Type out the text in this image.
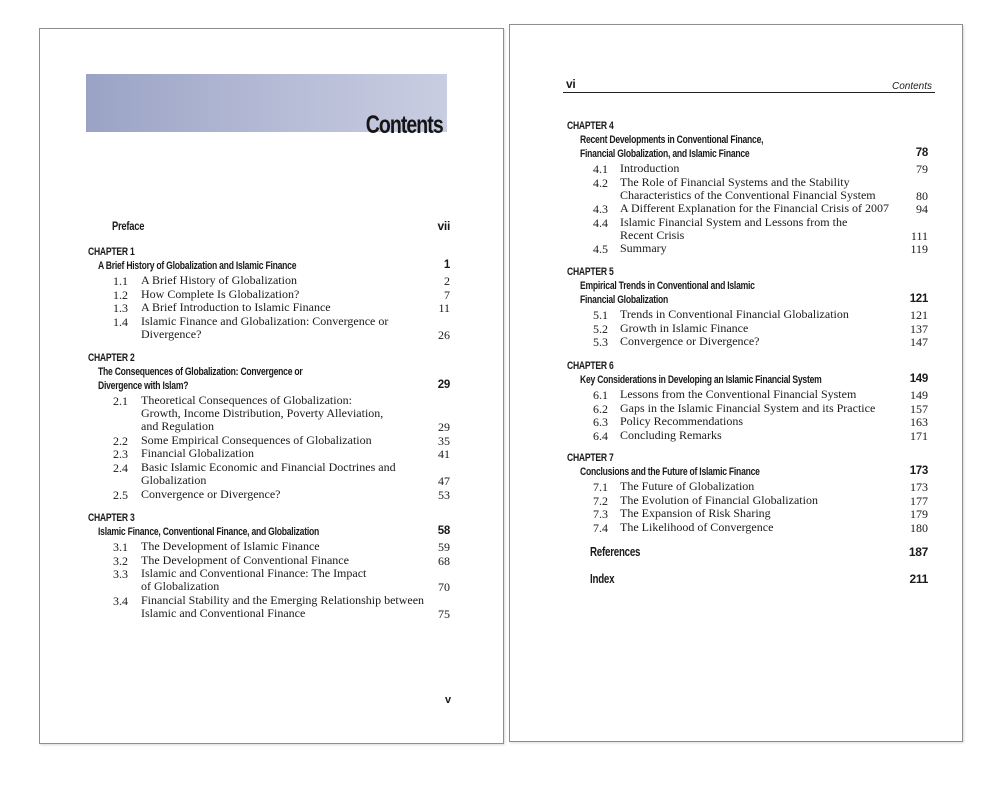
Contents
Preface	vii
CHAPTER 1
A Brief History of Globalization and Islamic Finance	1
1.1 A Brief History of Globalization	2
1.2 How Complete Is Globalization?	7
1.3 A Brief Introduction to Islamic Finance	11
1.4 Islamic Finance and Globalization: Convergence or
Divergence?	26
CHAPTER 2
The Consequences of Globalization: Convergence or
Divergence with Islam?	29
2.1 Theoretical Consequences of Globalization:
Growth, Income Distribution, Poverty Alleviation,
and Regulation	29
2.2 Some Empirical Consequences of Globalization	35
2.3 Financial Globalization	41
2.4 Basic Islamic Economic and Financial Doctrines and
Globalization	47
2.5 Convergence or Divergence?	53
CHAPTER 3
Islamic Finance, Conventional Finance, and Globalization	58
3.1 The Development of Islamic Finance	59
3.2 The Development of Conventional Finance	68
3.3 Islamic and Conventional Finance: The Impact
of Globalization	70
3.4 Financial Stability and the Emerging Relationship between
Islamic and Conventional Finance	75
v
vi	Contents
CHAPTER 4
Recent Developments in Conventional Finance,
Financial Globalization, and Islamic Finance	78
4.1 Introduction	79
4.2 The Role of Financial Systems and the Stability
Characteristics of the Conventional Financial System	80
4.3 A Different Explanation for the Financial Crisis of 2007	94
4.4 Islamic Financial System and Lessons from the
Recent Crisis	111
4.5 Summary	119
CHAPTER 5
Empirical Trends in Conventional and Islamic
Financial Globalization	121
5.1 Trends in Conventional Financial Globalization	121
5.2 Growth in Islamic Finance	137
5.3 Convergence or Divergence?	147
CHAPTER 6
Key Considerations in Developing an Islamic Financial System	149
6.1 Lessons from the Conventional Financial System	149
6.2 Gaps in the Islamic Financial System and its Practice	157
6.3 Policy Recommendations	163
6.4 Concluding Remarks	171
CHAPTER 7
Conclusions and the Future of Islamic Finance	173
7.1 The Future of Globalization	173
7.2 The Evolution of Financial Globalization	177
7.3 The Expansion of Risk Sharing	179
7.4 The Likelihood of Convergence	180
References	187
Index	211
